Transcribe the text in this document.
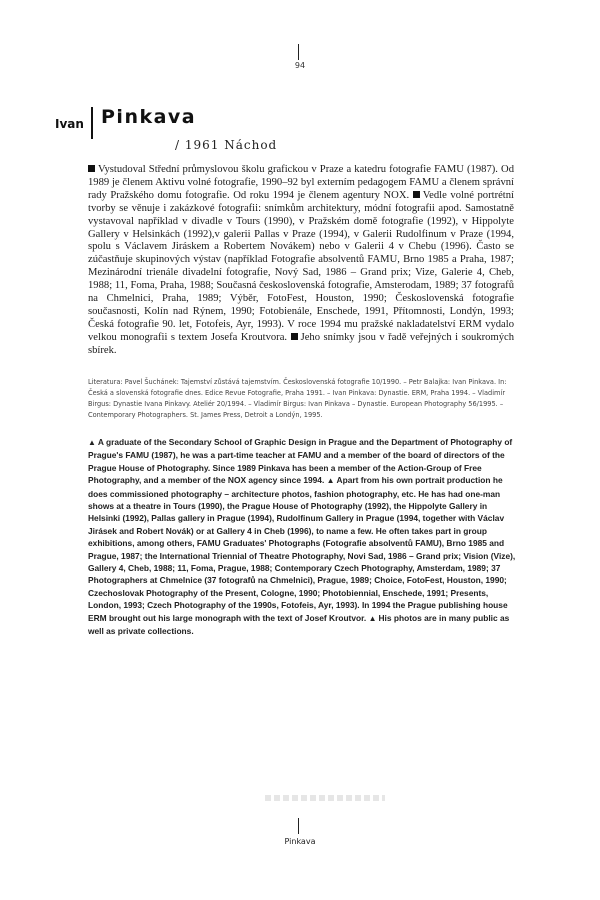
94
Ivan Pinkava
/ 1961 Náchod
Vystudoval Střední průmyslovou školu grafickou v Praze a katedru fotografie FAMU (1987). Od 1989 je členem Aktivu volné fotografie, 1990–92 byl externím pedagogem FAMU a členem správní rady Pražského domu fotografie. Od roku 1994 je členem agentury NOX. Vedle volné portrétní tvorby se věnuje i zakázkové fotografii: snímkům architektury, módní fotografii apod. Samostatně vystavoval například v divadle v Tours (1990), v Pražském domě fotografie (1992), v Hippolyte Gallery v Helsinkách (1992),v galerii Pallas v Praze (1994), v Galerii Rudolfinum v Praze (1994, spolu s Václavem Jiráskem a Robertem Novákem) nebo v Galerii 4 v Chebu (1996). Často se zúčastňuje skupinových výstav (například Fotografie absolventů FAMU, Brno 1985 a Praha, 1987; Mezinárodní trienále divadelní fotografie, Nový Sad, 1986 – Grand prix; Vize, Galerie 4, Cheb, 1988; 11, Foma, Praha, 1988; Současná československá fotografie, Amsterodam, 1989; 37 fotografů na Chmelnici, Praha, 1989; Výběr, FotoFest, Houston, 1990; Československá fotografie současnosti, Kolín nad Rýnem, 1990; Fotobienále, Enschede, 1991, Přítomnosti, Londýn, 1993; Česká fotografie 90. let, Fotofeis, Ayr, 1993). V roce 1994 mu pražské nakladatelství ERM vydalo velkou monografii s textem Josefa Kroutvora. Jeho snímky jsou v řadě veřejných i soukromých sbírek.
Literatura: Pavel Šuchánek: Tajemství zůstává tajemstvím. Československá fotografie 10/1990. – Petr Balajka: Ivan Pinkava. In: Česká a slovenská fotografie dnes. Edice Revue Fotografie, Praha 1991. – Ivan Pinkava: Dynastie. ERM, Praha 1994. – Vladimír Birgus: Dynastie Ivana Pinkavy. Ateliér 20/1994. – Vladimír Birgus: Ivan Pinkava – Dynastie. European Photography 56/1995. – Contemporary Photographers. St. James Press, Detroit a Londýn, 1995.
▲ A graduate of the Secondary School of Graphic Design in Prague and the Department of Photography of Prague's FAMU (1987), he was a part-time teacher at FAMU and a member of the board of directors of the Prague House of Photography. Since 1989 Pinkava has been a member of the Action-Group of Free Photography, and a member of the NOX agency since 1994. ▲ Apart from his own portrait production he does commissioned photography – architecture photos, fashion photography, etc. He has had one-man shows at a theatre in Tours (1990), the Prague House of Photography (1992), the Hippolyte Gallery in Helsinki (1992), Pallas gallery in Prague (1994), Rudolfinum Gallery in Prague (1994, together with Václav Jirásek and Robert Novák) or at Gallery 4 in Cheb (1996), to name a few. He often takes part in group exhibitions, among others, FAMU Graduates' Photographs (Fotografie absolventů FAMU), Brno 1985 and Prague, 1987; the International Triennial of Theatre Photography, Novi Sad, 1986 – Grand prix; Vision (Vize), Gallery 4, Cheb, 1988; 11, Foma, Prague, 1988; Contemporary Czech Photography, Amsterdam, 1989; 37 Photographers at Chmelnice (37 fotografů na Chmelnici), Prague, 1989; Choice, FotoFest, Houston, 1990; Czechoslovak Photography of the Present, Cologne, 1990; Photobiennial, Enschede, 1991; Presents, London, 1993; Czech Photography of the 1990s, Fotofeis, Ayr, 1993). In 1994 the Prague publishing house ERM brought out his large monograph with the text of Josef Kroutvor. ▲ His photos are in many public as well as private collections.
Pinkava
